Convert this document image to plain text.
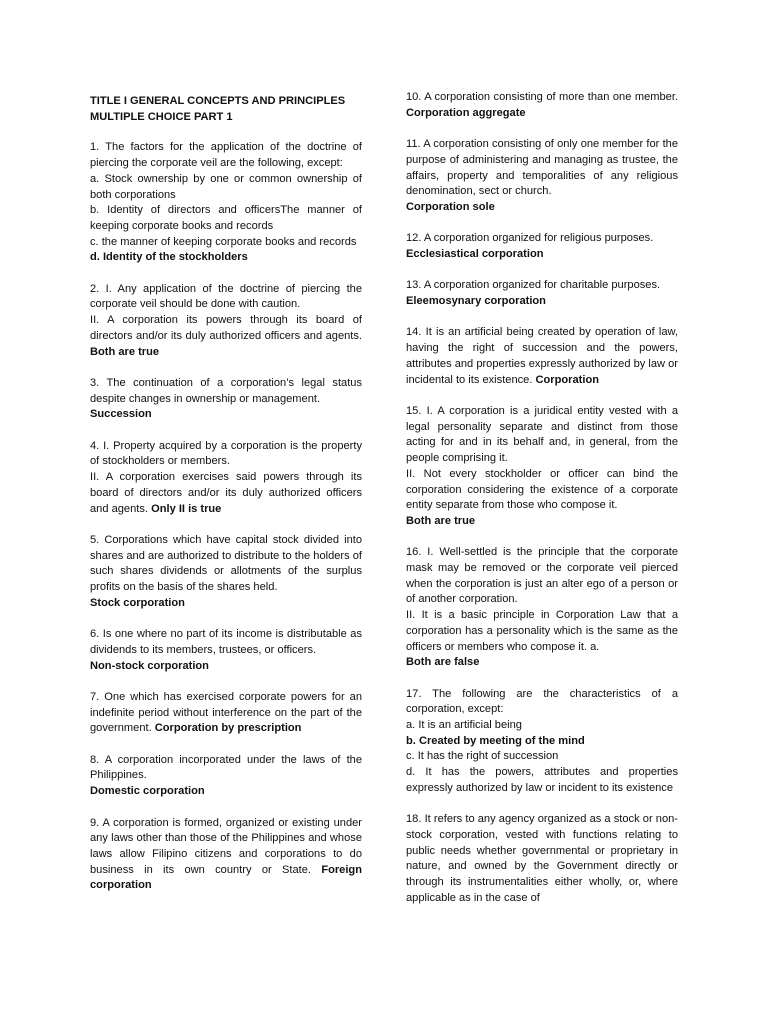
TITLE I GENERAL CONCEPTS AND PRINCIPLES
MULTIPLE CHOICE PART 1
1. The factors for the application of the doctrine of piercing the corporate veil are the following, except:
a. Stock ownership by one or common ownership of both corporations
b. Identity of directors and officersThe manner of keeping corporate books and records
c. the manner of keeping corporate books and records
d. Identity of the stockholders
2. I. Any application of the doctrine of piercing the corporate veil should be done with caution.
II. A corporation its powers through its board of directors and/or its duly authorized officers and agents. Both are true
3. The continuation of a corporation’s legal status despite changes in ownership or management.
Succession
4. I. Property acquired by a corporation is the property of stockholders or members.
II. A corporation exercises said powers through its board of directors and/or its duly authorized officers and agents. Only II is true
5. Corporations which have capital stock divided into shares and are authorized to distribute to the holders of such shares dividends or allotments of the surplus profits on the basis of the shares held.
Stock corporation
6. Is one where no part of its income is distributable as dividends to its members, trustees, or officers.
Non-stock corporation
7. One which has exercised corporate powers for an indefinite period without interference on the part of the government. Corporation by prescription
8. A corporation incorporated under the laws of the Philippines.
Domestic corporation
9. A corporation is formed, organized or existing under any laws other than those of the Philippines and whose laws allow Filipino citizens and corporations to do business in its own country or State. Foreign corporation
10. A corporation consisting of more than one member. Corporation aggregate
11. A corporation consisting of only one member for the purpose of administering and managing as trustee, the affairs, property and temporalities of any religious denomination, sect or church.
Corporation sole
12. A corporation organized for religious purposes.
Ecclesiastical corporation
13. A corporation organized for charitable purposes.
Eleemosynary corporation
14. It is an artificial being created by operation of law, having the right of succession and the powers, attributes and properties expressly authorized by law or incidental to its existence. Corporation
15. I. A corporation is a juridical entity vested with a legal personality separate and distinct from those acting for and in its behalf and, in general, from the people comprising it.
II. Not every stockholder or officer can bind the corporation considering the existence of a corporate entity separate from those who compose it.
Both are true
16. I. Well-settled is the principle that the corporate mask may be removed or the corporate veil pierced when the corporation is just an alter ego of a person or of another corporation.
II. It is a basic principle in Corporation Law that a corporation has a personality which is the same as the officers or members who compose it. a.
Both are false
17. The following are the characteristics of a corporation, except:
a. It is an artificial being
b. Created by meeting of the mind
c. It has the right of succession
d. It has the powers, attributes and properties expressly authorized by law or incident to its existence
18. It refers to any agency organized as a stock or non-stock corporation, vested with functions relating to public needs whether governmental or proprietary in nature, and owned by the Government directly or through its instrumentalities either wholly, or, where applicable as in the case of
